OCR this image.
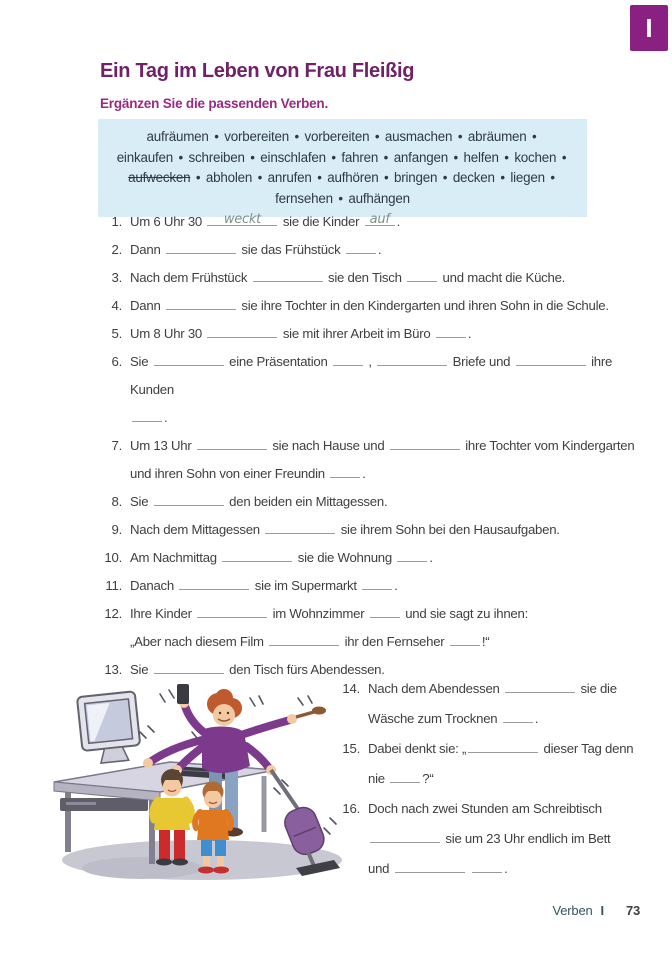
I
Ein Tag im Leben von Frau Fleißig
Ergänzen Sie die passenden Verben.
aufräumen • vorbereiten • vorbereiten • ausmachen • abräumen •
einkaufen • schreiben • einschlafen • fahren • anfangen • helfen • kochen •
aufwecken • abholen • anrufen • aufhören • bringen • decken • liegen •
fernsehen • aufhängen
1. Um 6 Uhr 30	weckt	sie die Kinder auf .
2. Dann	sie das Frühstück	.
3. Nach dem Frühstück	sie den Tisch	und macht die Küche.
4. Dann	sie ihre Tochter in den Kindergarten und ihren Sohn in die Schule.
5. Um 8 Uhr 30	sie mit ihrer Arbeit im Büro	.
6. Sie	eine Präsentation	,	Briefe und	ihre Kunden
.
7. Um 13 Uhr	sie nach Hause und	ihre Tochter vom Kindergarten
und ihren Sohn von einer Freundin	.
8. Sie	den beiden ein Mittagessen.
9. Nach dem Mittagessen	sie ihrem Sohn bei den Hausaufgaben.
10. Am Nachmittag	sie die Wohnung	.
11. Danach	sie im Supermarkt	.
12. Ihre Kinder	im Wohnzimmer	und sie sagt zu ihnen:
„Aber nach diesem Film	ihr den Fernseher	!“
13. Sie	den Tisch fürs Abendessen.
14. Nach dem Abendessen	sie die
Wäsche zum Trocknen	.
15. Dabei denkt sie: „	dieser Tag denn
nie	?“
16. Doch nach zwei Stunden am Schreibtisch
sie um 23 Uhr endlich im Bett
und	.
Verben I 73
